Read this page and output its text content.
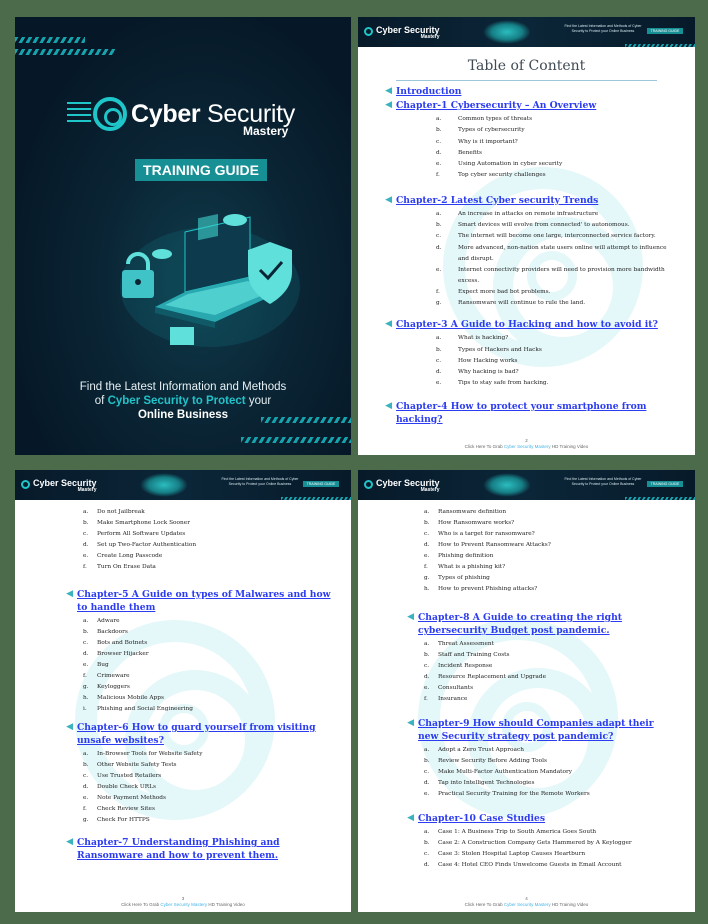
Cyber Security
Mastery
TRAINING GUIDE
Find the Latest Information and Methods
of Cyber Security to Protect your
Online Business
Cyber Security
Mastery
Find the Latest Information and Methods of Cyber Security to Protect your Online Business	TRAINING GUIDE
Table of Content
◀ Introduction
◀ Chapter-1 Cybersecurity – An Overview
a.	Common types of threats
b.	Types of cybersecurity
c.	Why is it important?
d.	Benefits
e.	Using Automation in cyber security
f.	Top cyber security challenges
◀ Chapter-2 Latest Cyber security Trends
a.	An increase in attacks on remote infrastructure
b.	Smart devices will evolve from connected' to autonomous.
c.	The internet will become one large, interconnected service factory.
d.	More advanced, non-nation state users online will attempt to influence and disrupt.
e.	Internet connectivity providers will need to provision more bandwidth excess.
f.	Expect more bad bot problems.
g.	Ransomware will continue to rule the land.
◀ Chapter-3 A Guide to Hacking and how to avoid it?
a.	What is hacking?
b.	Types of Hackers and Hacks
c.	How Hacking works
d.	Why hacking is bad?
e.	Tips to stay safe from hacking.
◀ Chapter-4 How to protect your smartphone from hacking?
2
Click Here To Grab Cyber Security Mastery HD Training Video
Cyber Security
Mastery
Find the Latest Information and Methods of Cyber Security to Protect your Online Business	TRAINING GUIDE
a.	Do not Jailbreak
b.	Make Smartphone Lock Sooner
c.	Perform All Software Updates
d.	Set up Two-Factor Authentication
e.	Create Long Passcode
f.	Turn On Erase Data
◀ Chapter-5 A Guide on types of Malwares and how to handle them
a.	Adware
b.	Backdoors
c.	Bots and Botnets
d.	Browser Hijacker
e.	Bug
f.	Crimeware
g.	Keyloggers
h.	Malicious Mobile Apps
i.	Phishing and Social Engineering
◀ Chapter-6 How to guard yourself from visiting unsafe websites?
a.	In-Browser Tools for Website Safety
b.	Other Website Safety Tests
c.	Use Trusted Retailers
d.	Double Check URLs
e.	Note Payment Methods
f.	Check Review Sites
g.	Check For HTTPS
◀ Chapter-7 Understanding Phishing and Ransomware and how to prevent them.
3
Click Here To Grab Cyber Security Mastery HD Training Video
Cyber Security
Mastery
Find the Latest Information and Methods of Cyber Security to Protect your Online Business	TRAINING GUIDE
a.	Ransomware definition
b.	How Ransomware works?
c.	Who is a target for ransomware?
d.	How to Prevent Ransomware Attacks?
e.	Phishing definition
f.	What is a phishing kit?
g.	Types of phishing
h.	How to prevent Phishing attacks?
◀ Chapter-8 A Guide to creating the right cybersecurity Budget post pandemic.
a.	Threat Assessment
b.	Staff and Training Costs
c.	Incident Response
d.	Resource Replacement and Upgrade
e.	Consultants
f.	Insurance
◀ Chapter-9 How should Companies adapt their new Security strategy post pandemic?
a.	Adopt a Zero Trust Approach
b.	Review Security Before Adding Tools
c.	Make Multi-Factor Authentication Mandatory
d.	Tap into Intelligent Technologies
e.	Practical Security Training for the Remote Workers
◀ Chapter-10 Case Studies
a.	Case 1: A Business Trip to South America Goes South
b.	Case 2: A Construction Company Gets Hammered by A Keylogger
c.	Case 3: Stolen Hospital Laptop Causes Heartburn
d.	Case 4: Hotel CEO Finds Unwelcome Guests in Email Account
4
Click Here To Grab Cyber Security Mastery HD Training Video
